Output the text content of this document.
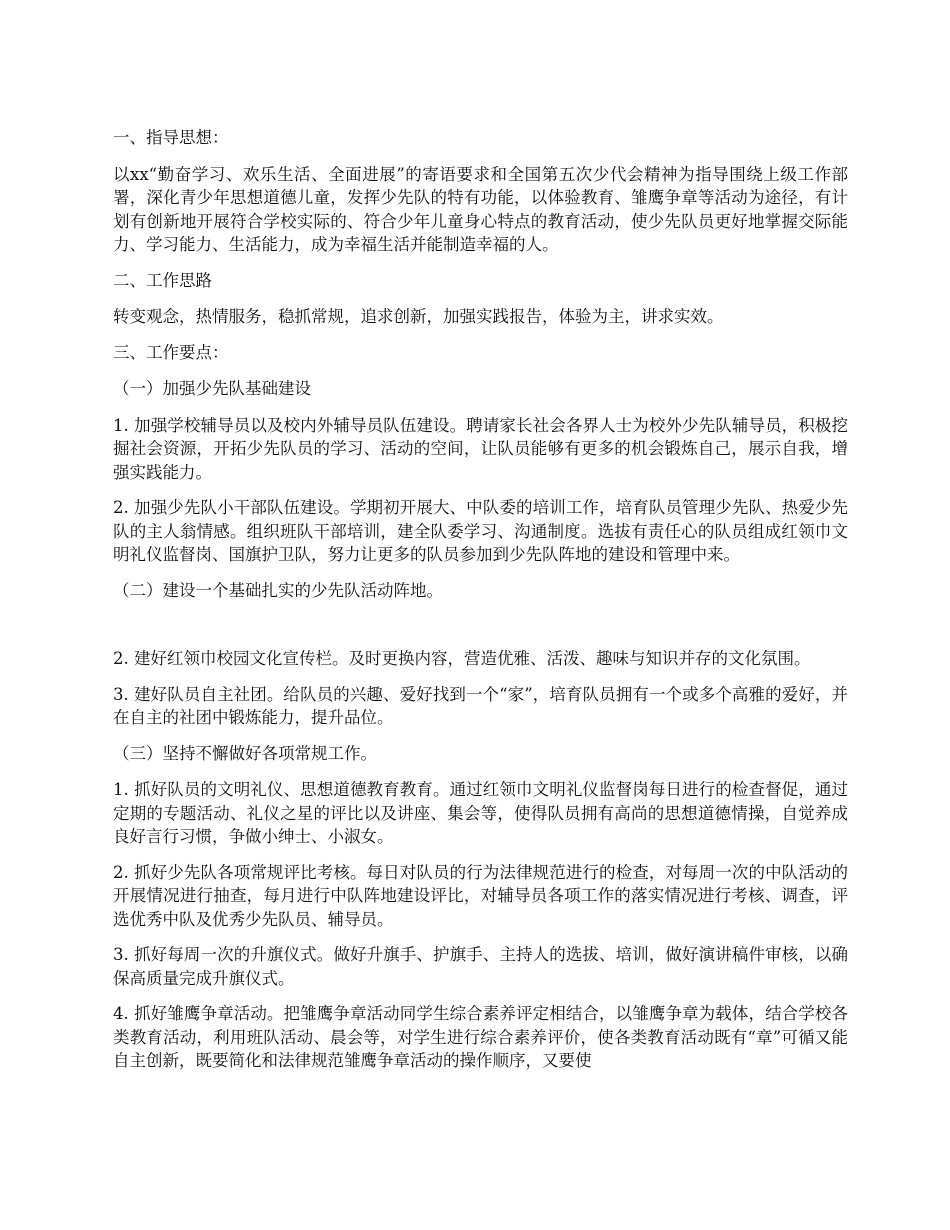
一、指导思想：

以xx“勤奋学习、欢乐生活、全面进展”的寄语要求和全国第五次少代会精神为指导围绕上级工作部署，深化青少年思想道德儿童，发挥少先队的特有功能，以体验教育、雏鹰争章等活动为途径，有计划有创新地开展符合学校实际的、符合少年儿童身心特点的教育活动，使少先队员更好地掌握交际能力、学习能力、生活能力，成为幸福生活并能制造幸福的人。

二、工作思路

转变观念，热情服务，稳抓常规，追求创新，加强实践报告，体验为主，讲求实效。

三、工作要点：

（一）加强少先队基础建设

1. 加强学校辅导员以及校内外辅导员队伍建设。聘请家长社会各界人士为校外少先队辅导员，积极挖掘社会资源，开拓少先队员的学习、活动的空间，让队员能够有更多的机会锻炼自己，展示自我，增强实践能力。

2. 加强少先队小干部队伍建设。学期初开展大、中队委的培训工作，培育队员管理少先队、热爱少先队的主人翁情感。组织班队干部培训，建全队委学习、沟通制度。选拔有责任心的队员组成红领巾文明礼仪监督岗、国旗护卫队，努力让更多的队员参加到少先队阵地的建设和管理中来。

（二）建设一个基础扎实的少先队活动阵地。

2. 建好红领巾校园文化宣传栏。及时更换内容，营造优雅、活泼、趣味与知识并存的文化氛围。

3. 建好队员自主社团。给队员的兴趣、爱好找到一个“家”，培育队员拥有一个或多个高雅的爱好，并在自主的社团中锻炼能力，提升品位。

（三）坚持不懈做好各项常规工作。

1. 抓好队员的文明礼仪、思想道德教育教育。通过红领巾文明礼仪监督岗每日进行的检查督促，通过定期的专题活动、礼仪之星的评比以及讲座、集会等，使得队员拥有高尚的思想道德情操，自觉养成良好言行习惯，争做小绅士、小淑女。

2. 抓好少先队各项常规评比考核。每日对队员的行为法律规范进行的检查，对每周一次的中队活动的开展情况进行抽查，每月进行中队阵地建设评比，对辅导员各项工作的落实情况进行考核、调查，评选优秀中队及优秀少先队员、辅导员。

3. 抓好每周一次的升旗仪式。做好升旗手、护旗手、主持人的选拔、培训，做好演讲稿件审核，以确保高质量完成升旗仪式。

4. 抓好雏鹰争章活动。把雏鹰争章活动同学生综合素养评定相结合，以雏鹰争章为载体，结合学校各类教育活动，利用班队活动、晨会等，对学生进行综合素养评价，使各类教育活动既有“章”可循又能自主创新，既要简化和法律规范雏鹰争章活动的操作顺序，又要使
